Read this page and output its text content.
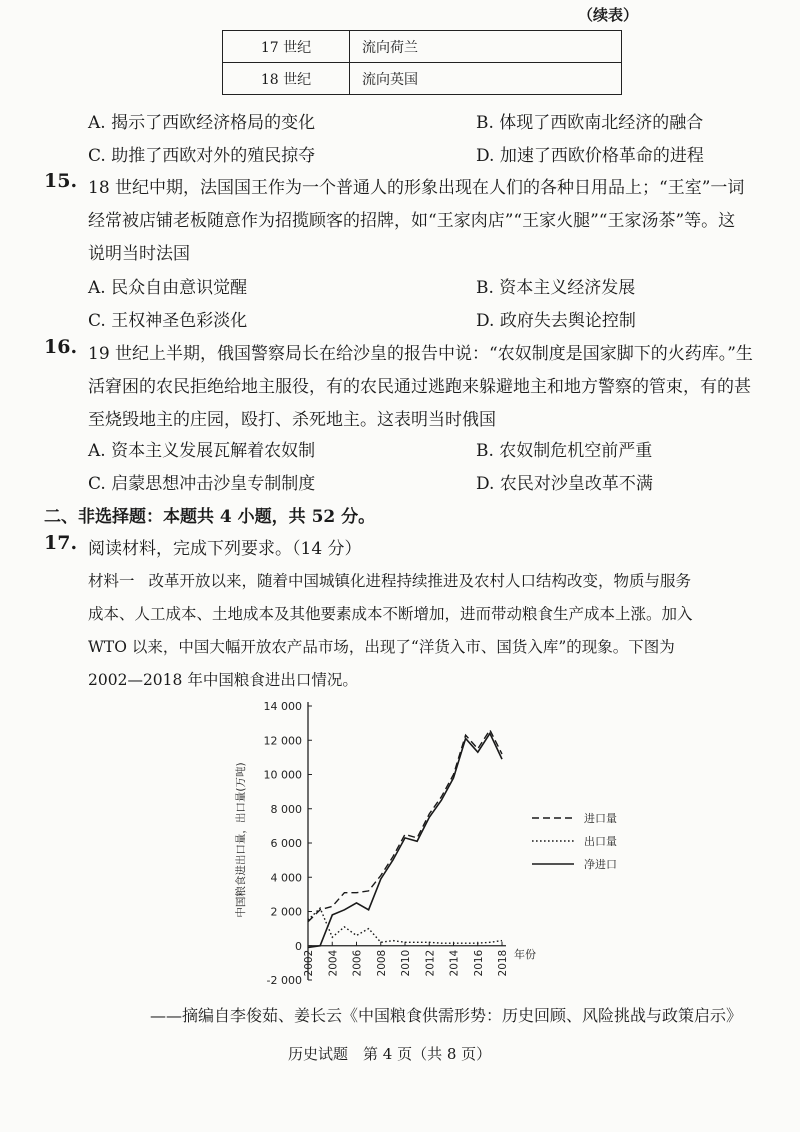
（续表）
17 世纪	流向荷兰
18 世纪	流向英国
A. 揭示了西欧经济格局的变化	B. 体现了西欧南北经济的融合
C. 助推了西欧对外的殖民掠夺	D. 加速了西欧价格革命的进程
15. 18 世纪中期，法国国王作为一个普通人的形象出现在人们的各种日用品上；“王室”一词
经常被店铺老板随意作为招揽顾客的招牌，如“王家肉店”“王家火腿”“王家汤茶”等。这
说明当时法国
A. 民众自由意识觉醒	B. 资本主义经济发展
C. 王权神圣色彩淡化	D. 政府失去舆论控制
16. 19 世纪上半期，俄国警察局长在给沙皇的报告中说：“农奴制度是国家脚下的火药库。”生
活窘困的农民拒绝给地主服役，有的农民通过逃跑来躲避地主和地方警察的管束，有的甚
至烧毁地主的庄园，殴打、杀死地主。这表明当时俄国
A. 资本主义发展瓦解着农奴制	B. 农奴制危机空前严重
C. 启蒙思想冲击沙皇专制制度	D. 农民对沙皇改革不满
二、非选择题：本题共 4 小题，共 52 分。
17. 阅读材料，完成下列要求。（14 分）
材料一 改革开放以来，随着中国城镇化进程持续推进及农村人口结构改变，物质与服务
成本、人工成本、土地成本及其他要素成本不断增加，进而带动粮食生产成本上涨。加入
WTO 以来，中国大幅开放农产品市场，出现了“洋货入市、国货入库”的现象。下图为
2002—2018 年中国粮食进出口情况。
14 000
12 000
10 000
8 000
6 000
4 000
2 000
0
-2 000
2002 2004 2006 2008 2010 2012 2014 2016 2018 年份
中国粮食进出口量，出口量(万吨)	进口量
出口量
净进口
——摘编自李俊茹、姜长云《中国粮食供需形势：历史回顾、风险挑战与政策启示》
历史试题　第 4 页（共 8 页）
